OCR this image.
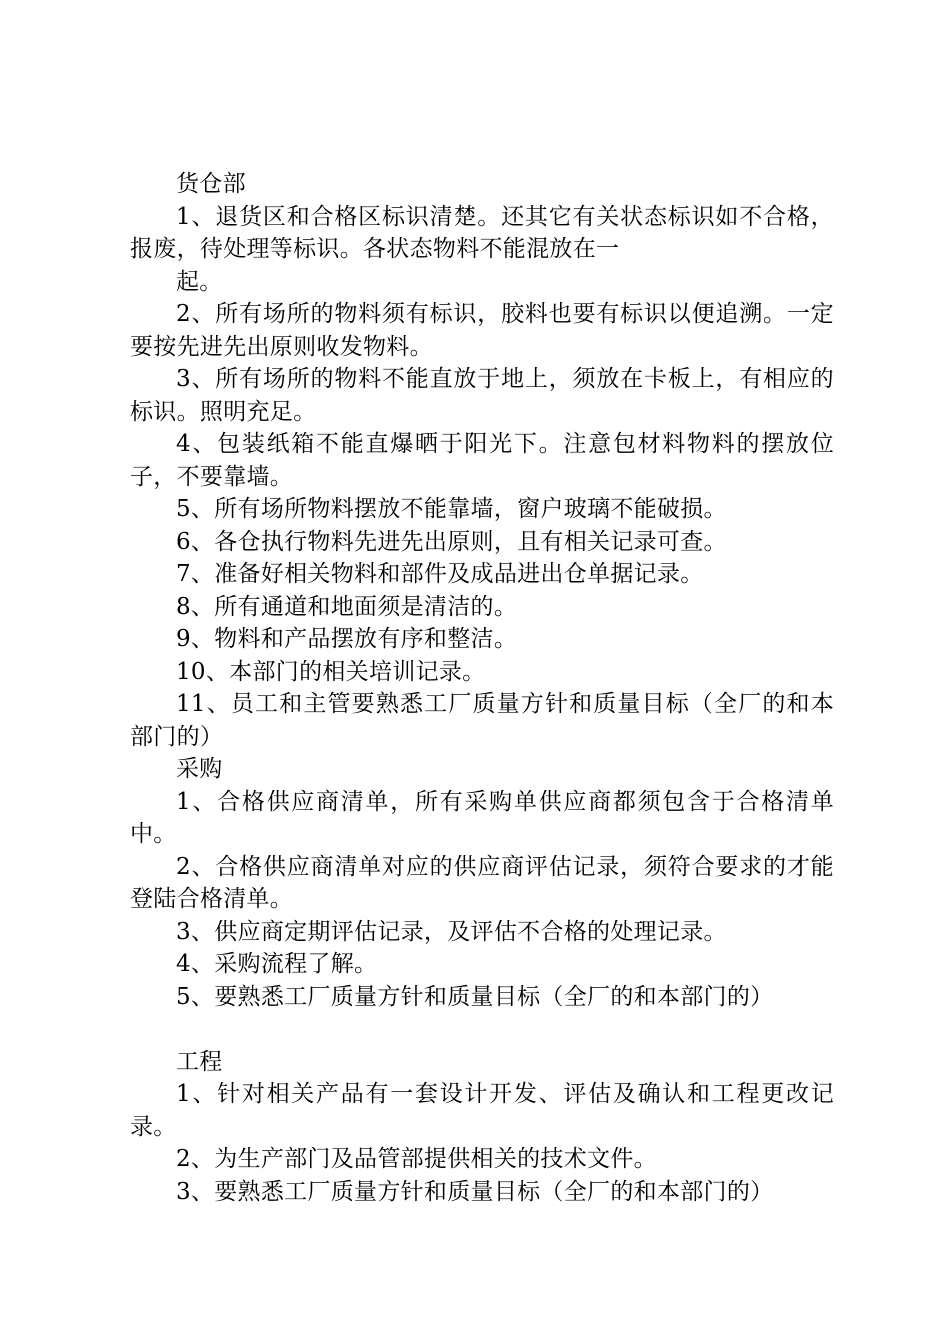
货仓部

1、退货区和合格区标识清楚。还其它有关状态标识如不合格，报废，待处理等标识。各状态物料不能混放在一

起。

2、所有场所的物料须有标识，胶料也要有标识以便追溯。一定要按先进先出原则收发物料。

3、所有场所的物料不能直放于地上，须放在卡板上，有相应的标识。照明充足。

4、包装纸箱不能直爆晒于阳光下。注意包材料物料的摆放位子，不要靠墙。

5、所有场所物料摆放不能靠墙，窗户玻璃不能破损。

6、各仓执行物料先进先出原则，且有相关记录可查。

7、准备好相关物料和部件及成品进出仓单据记录。

8、所有通道和地面须是清洁的。

9、物料和产品摆放有序和整洁。

10、本部门的相关培训记录。

11、员工和主管要熟悉工厂质量方针和质量目标（全厂的和本部门的）

采购

1、合格供应商清单，所有采购单供应商都须包含于合格清单中。

2、合格供应商清单对应的供应商评估记录，须符合要求的才能登陆合格清单。

3、供应商定期评估记录，及评估不合格的处理记录。

4、采购流程了解。

5、要熟悉工厂质量方针和质量目标（全厂的和本部门的）

工程

1、针对相关产品有一套设计开发、评估及确认和工程更改记录。

2、为生产部门及品管部提供相关的技术文件。

3、要熟悉工厂质量方针和质量目标（全厂的和本部门的）
